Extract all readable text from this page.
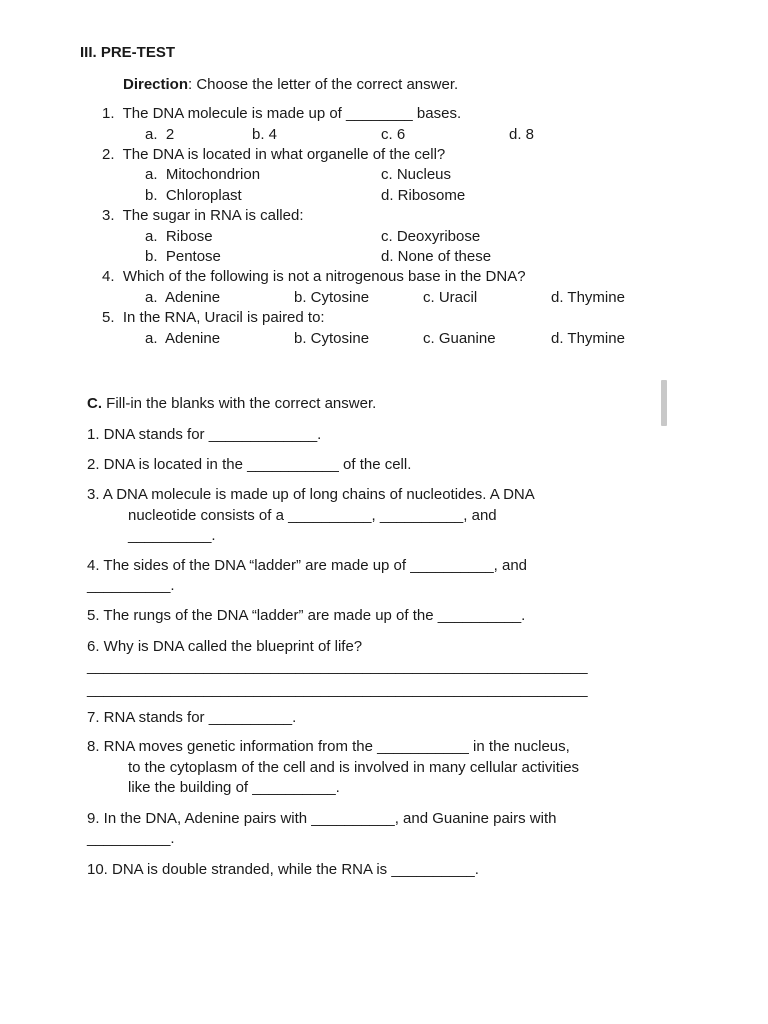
III. PRE-TEST
Direction: Choose the letter of the correct answer.
1.  The DNA molecule is made up of ________ bases.
a.  2	b. 4	c. 6	d. 8
2.  The DNA is located in what organelle of the cell?
a.  Mitochondrion	c. Nucleus
b.  Chloroplast	d. Ribosome
3.  The sugar in RNA is called:
a.  Ribose	c. Deoxyribose
b.  Pentose	d. None of these
4.  Which of the following is not a nitrogenous base in the DNA?
a.  Adenine	b. Cytosine	c. Uracil	d. Thymine
5.  In the RNA, Uracil is paired to:
a.  Adenine	b. Cytosine	c. Guanine	d. Thymine
C. Fill-in the blanks with the correct answer.
1. DNA stands for _____________.
2. DNA is located in the ___________ of the cell.
3. A DNA molecule is made up of long chains of nucleotides. A DNA
nucleotide consists of a __________, __________, and
__________.
4. The sides of the DNA “ladder” are made up of __________, and
__________.
5. The rungs of the DNA “ladder” are made up of the __________.
6. Why is DNA called the blueprint of life?
____________________________________________________________
____________________________________________________________
7. RNA stands for __________.
8. RNA moves genetic information from the ___________ in the nucleus,
to the cytoplasm of the cell and is involved in many cellular activities
like the building of __________.
9. In the DNA, Adenine pairs with __________, and Guanine pairs with
__________.
10. DNA is double stranded, while the RNA is __________.
